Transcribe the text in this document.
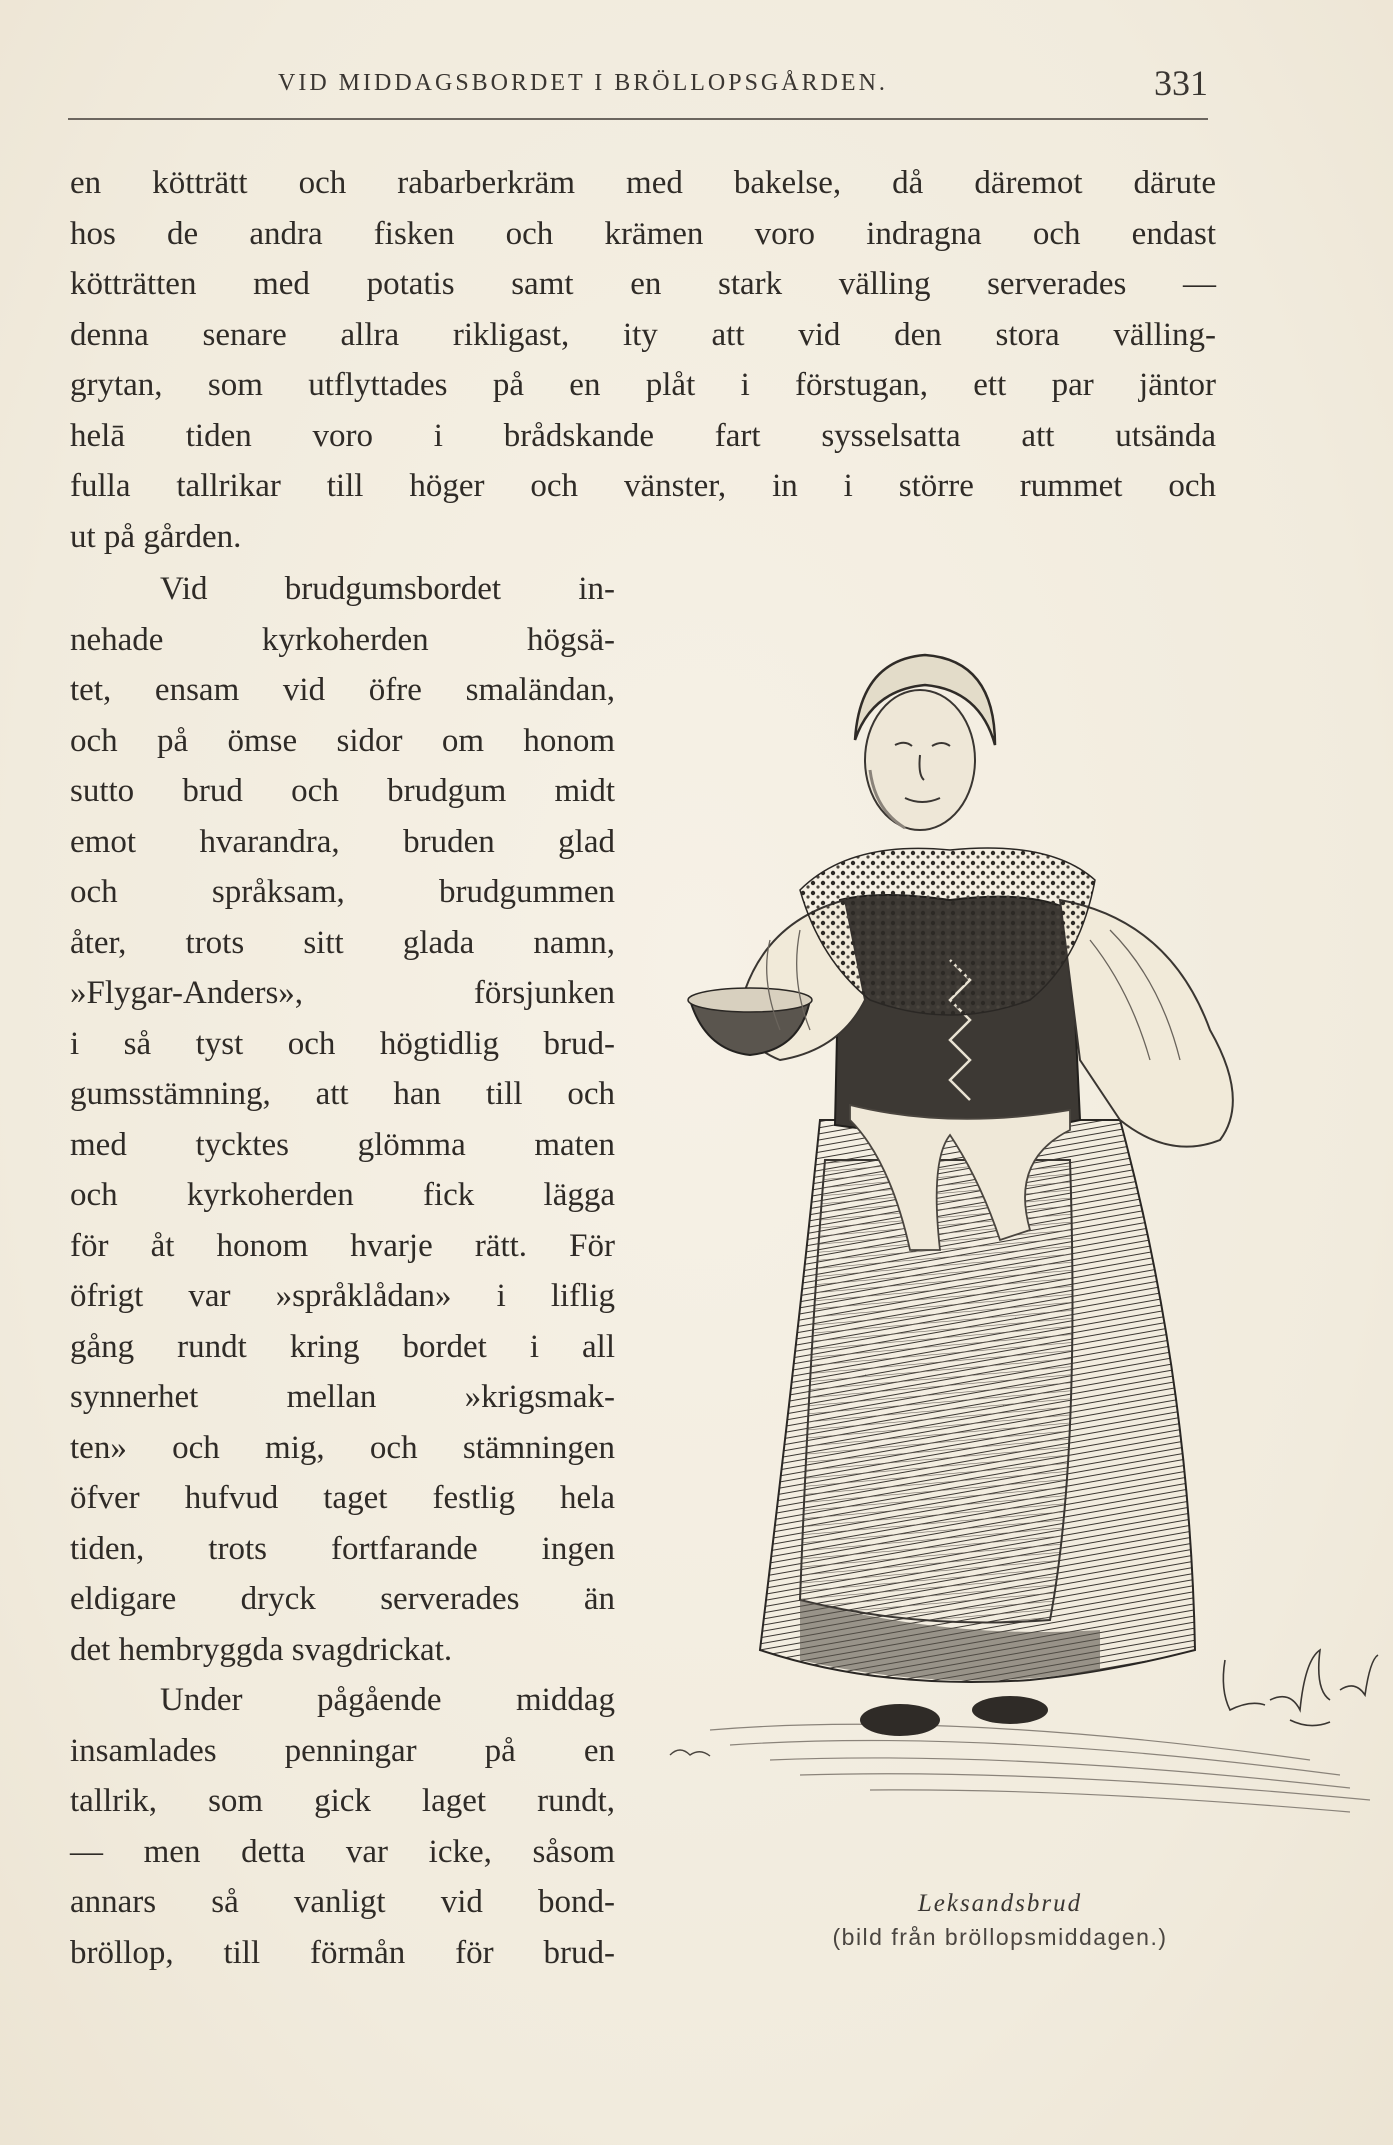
VID MIDDAGSBORDET I BRÖLLOPSGÅRDEN.	331
en kötträtt och rabarberkräm med bakelse, då däremot därute
hos de andra fisken och krämen voro indragna och endast
kötträtten med potatis samt en stark välling serverades —
denna senare allra rikligast, ity att vid den stora välling-
grytan, som utflyttades på en plåt i förstugan, ett par jäntor
helā tiden voro i brådskande fart sysselsatta att utsända
fulla tallrikar till höger och vänster, in i större rummet och
ut på gården.
Vid brudgumsbordet in-
nehade kyrkoherden högsä-
tet, ensam vid öfre smaländan,
och på ömse sidor om honom
sutto brud och brudgum midt
emot hvarandra, bruden glad
och språksam, brudgummen
åter, trots sitt glada namn,
»Flygar-Anders», försjunken
i så tyst och högtidlig brud-
gumsstämning, att han till och
med tycktes glömma maten
och kyrkoherden fick lägga
för åt honom hvarje rätt. För
öfrigt var »språklådan» i liflig
gång rundt kring bordet i all
synnerhet mellan »krigsmak-
ten» och mig, och stämningen
öfver hufvud taget festlig hela
tiden, trots fortfarande ingen
eldigare dryck serverades än
det hembryggda svagdrickat.
Under pågående middag
insamlades penningar på en
tallrik, som gick laget rundt,
— men detta var icke, såsom
annars så vanligt vid bond-
bröllop, till förmån för brud-
Leksandsbrud
(bild från bröllopsmiddagen.)
